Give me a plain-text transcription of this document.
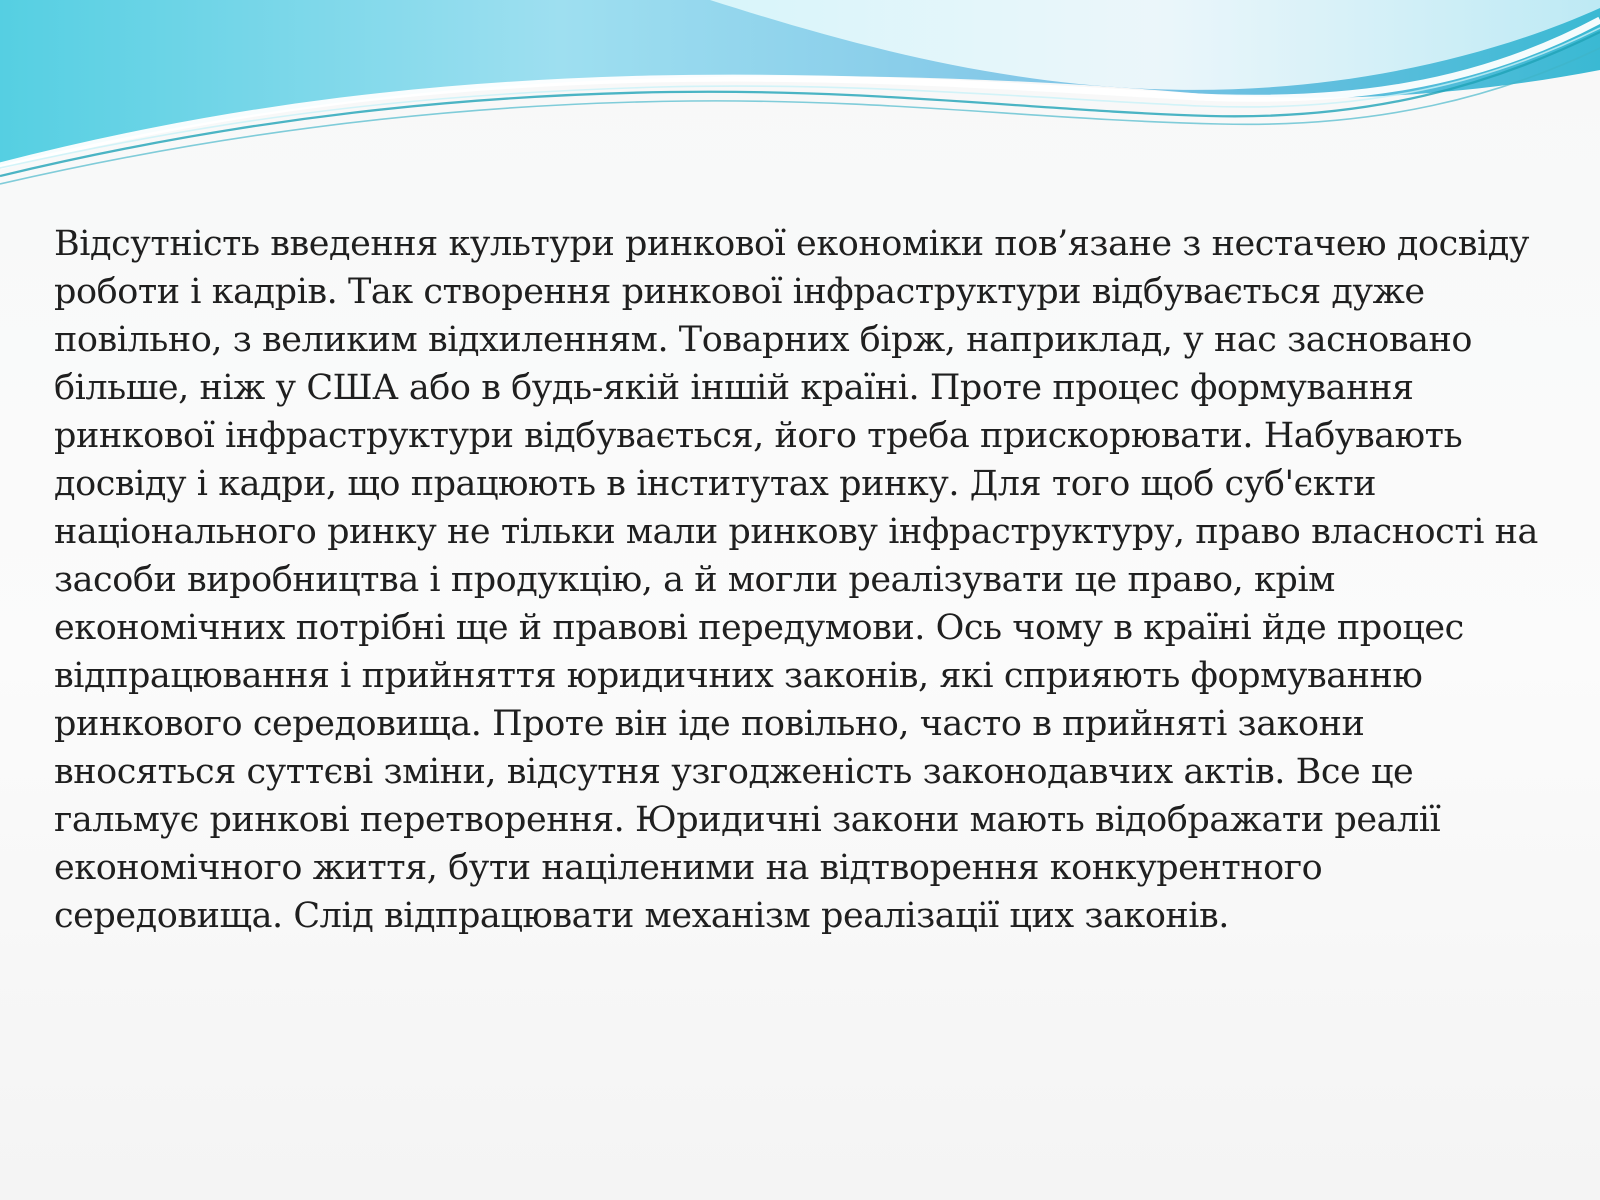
Відсутність введення культури ринкової економіки пов’язане з нестачею досвіду роботи і кадрів. Так створення ринкової інфраструктури відбувається дуже повільно, з великим відхиленням. Товарних бірж, наприклад, у нас засновано більше, ніж у США або в будь-якій іншій країні. Проте процес формування ринкової інфраструктури відбувається, його треба прискорювати. Набувають досвіду і кадри, що працюють в інститутах ринку. Для того щоб суб'єкти національного ринку не тільки мали ринкову інфраструктуру, право власності на засоби виробництва і продукцію, а й могли реалізувати це право, крім економічних потрібні ще й правові передумови. Ось чому в країні йде процес відпрацювання і прийняття юридичних законів, які сприяють формуванню ринкового середовища. Проте він іде повільно, часто в прийняті закони вносяться суттєві зміни, відсутня узгодженість законодавчих актів. Все це гальмує ринкові перетворення. Юридичні закони мають відображати реалії економічного життя, бути націленими на відтворення конкурентного середовища. Слід відпрацювати механізм реалізації цих законів.
